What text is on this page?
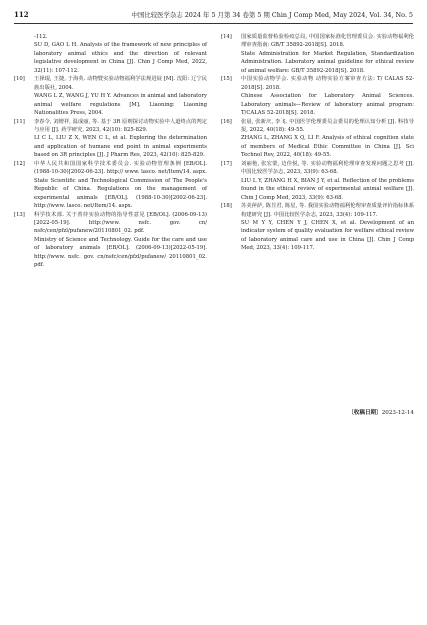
112	中国比较医学杂志 2024 年 5 月第 34 卷第 5 期 Chin J Comp Med, May 2024, Vol. 34, No. 5
-112.
SU D, GAO L H. Analysis of the framework of new principles of laboratory animal ethics and the direction of relevant legislative development in China [J]. Chin J Comp Med, 2022, 32(11): 107-112.
[10] 王择琨, 王捷, 于海英. 动物暨实验动物福利学法规进展 [M]. 沈阳: 辽宁民族出版社, 2004.
WANG L Z, WANG J, YU H Y. Advances in animal and laboratory animal welfare regulations [M]. Liaoning: Liaoning Nationalities Press, 2004.
[11] 李春令, 刘增祥, 温成丽, 等. 基于 3R 原则探讨动物实验中人道终点的判定与应用 [J]. 药学研究, 2023, 42(10): 825-829.
LI C L, LIU Z X, WEN C L, et al. Exploring the determination and application of humane end point in animal experiments based on 3R principles [J]. J Pharm Res, 2023, 42(10): 825-829.
[12] 中华人民共和国国家科学技术委员会. 实验动物管理条例 [EB/OL]. (1988-10-30)[2002-06-23]. http:// www. lasco. net/Item/14. aspx.
State Scientific and Technological Commission of The People's Republic of China. Regulations on the management of experimental animals [EB/OL]. (1988-10-30)[2002-06-23]. http://www. lasco. net/Item/14. aspx.
[13] 科学技术部. 关于善待实验动物的指导性意见 [EB/OL]. (2006-09-13)[2022-05-19]. http://www. nsfc. gov. cn/ nsfc/cen/pfzl/pufanew/20110801_02. pdf.
Ministry of Science and Technology. Guide for the care and use of laboratory animals [EB/OL]. (2006-09-13)[2022-05-19]. http://www. nsfc. gov. cn/nsfc/cen/pfzl/pufanew/ 20110801_02. pdf.
[14] 国家质量监督检验检疫总局, 中国国家标准化管理委员会. 实验动物福利伦理审查指南: GB/T 35892-2018[S]. 2018.
State Administration for Market Regulation, Standardization Administration. Laboratory animal guideline for ethical review of animal welfare: GB/T 35892-2018[S]. 2018.
[15] 中国实验动物学会. 实验动物 动物实验方案审查方法: T/ CALAS 52-2018[S]. 2018.
Chinese Association for Laboratory Animal Sciences. Laboratory animals—Review of laboratory animal program: T/CALAS 52-2018[S]. 2018.
[16] 张晨, 张新庆, 李飞. 中国医学伦理委员会委员的伦理认知分析 [J]. 科技导报, 2022, 40(18): 49-55.
ZHANG L, ZHANG X Q, LI F. Analysis of ethical cognition state of members of Medical Ethic Committee in China [J]. Sci Technol Rev, 2022, 40(18): 49-55.
[17] 刘丽艳, 张宏蒙, 边佳悦, 等. 实验动物福利伦理审查发现问题之思考 [J]. 中国比较医学杂志, 2023, 33(9): 63-68.
LIU L Y, ZHANG H X, BIAN J Y, et al. Reflection of the problems found in the ethical review of experimental animal welfare [J]. Chin J Comp Med, 2023, 33(9): 63-68.
[18] 苏美萍萨, 陈昱君, 陈星, 等. 我国实验动物福利伦理审查质量评价指标体系构建研究 [J]. 中国比较医学杂志, 2023, 33(4): 109-117.
SU M Y Y, CHEN Y J, CHEN X, et al. Development of an indicator system of quality evaluation for welfare ethical review of laboratory animal care and use in China [J]. Chin J Comp Med, 2023, 33(4): 109-117.
〔收稿日期〕2023-12-14
